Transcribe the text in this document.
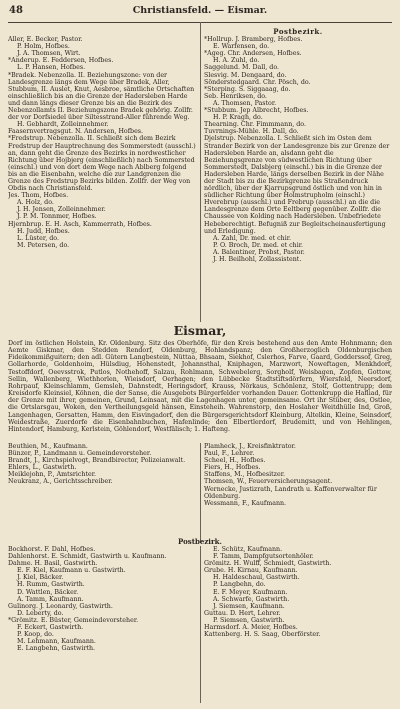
48	Christiansfeld. — Eismar.
Aller, E. Becker, Pastor.
P. Holm, Hofbes.
J. A. Thomsen, Wirt.
*Anderup. E. Feddersen, Hofbes.
L. P. Hansen, Hofbes.
*Bradek. Nebenzolla. II. Beziehungszone: von der Landesgrenze längs dem Wege über Bradek, Aller, Stubbum, II. Auslet, Knut, Aesbroe, sämtliche Ortschaften einschließlich bis an die Grenze der Hadersleben Harde und dann längs dieser Grenze bis an die Bezirk des Nebenzollamts II. Beziehungszone Bradek gehörig. Zollfr. der vor Dorfsiedel über Siltesstrand-Aller führende Weg.
H. Gebhardt, Zolleinnehmer.
Faasernvertragsgut. N. Andersen, Hofbes.
*Fredstrup. Nebenzolla. II. Schließt sich dem Bezirk Fredstrup der Hauptrechnung des Sommerstedt (ausschl.) an, dann geht die Grenze des Bezirks in nordwestlicher Richtung über Hojbjerg (einschließlich) nach Sommersted (einschl.) und von dort dem Wege nach Ablberg folgend bis an die Eisenbahn, welche die zur Landgrenzen die Grenze des Fredstrup Bezirks bilden. Zollfr. der Weg von Obdis nach Christiansfeld.
Jes. Thom, Hofbes.
A. Holz, do.
J. H. Jensen, Zolleinnehmer.
J. P. M. Tonnmer, Hofbes.
Hjernbrup. E. H. Asch, Kammerrath, Hofbes.
H. Judd, Hofbes.
L. Lüster, do.
M. Petersen, do.
Postbezirk.
*Hollrup. J. Bramberg, Hofbes.
E. Warfensen, do.
*Ageg. Chr. Andersen, Hofbes.
H. A. Zuhl, do.
Saggelund. M. Dall, do.
Slesvig. M. Dengaard, do.
Sönderstedgaard. Chr. Pösch, do.
*Sterping. S. Siggaaag, do.
Seb. Henriksen, do.
A. Thomsen, Pastor.
*Stubbum. Jep Albrecht, Hofbes.
H. P. Kragh, do.
Thearning. Chr. Fimmmann, do.
Tuvrnings-Mühle. H. Dall, do.
Djelstrup. Nebenzolla. I. Schließt sich im Osten dem Strander Bezirk von der Landesgrenze bis zur Grenze der Hadersleben Harde an, alsdann geht die Beziehungsgrenze von südwestlichen Richtung über Sommerstedt, Dalsbjerg (einschl.) bis in die Grenze der Hadersleben Harde, längs derselben Bezirk in der Nähe der Stadt bis zu die Bezirkgrenze bis Straßendruck nördlich, über der Kjarrupsgrund östlich und von hin in südlicher Richtung über Holmstrupholm (einschl.) Hverebrup (ausschl.) und Frebrup (ausschl.) an die die Landesgrenze dem Orte Eeltberg gegenüber. Zollfr. die Chaussee von Kolding nach Hadersleben. Unbefriedete Hebeberechtigt. Befugniß zur Begleitscheinausfertigung und Erledigung.
A. Zahl, Dr. med. et chir.
P. O. Broch, Dr. med. et chir.
A. Balentiner, Probst, Pastor.
J. H. Beilhohl, Zollassistent.
Eismar,
Dorf im östlichen Holstein, Kr. Oldenburg. Sitz des Oberhöfe, für den Kreis bestehend aus den Amte Hohnmann; den Aemte Giskmar, den Stedden Rendorf, Oldenburg, Hohlandspanz; den Großherzoglich Oldenburgischen Fideikommißguitern; den adl. Gütern Langbestein, Nüttaa, Bhsaam, Siekhof, Cslerhos, Farve, Gaard, Godderssof, Greg, Gollarhorde, Goldenhoim, Hülsdiug, Hohenstedt, Johannsthal, Kniphagen, Marzwort, Noweftagen, Menkhdorf, Testoffdorf, Oeevsstrok, Putlos, Nothehoff, Salzau, Rohlmann, Schwebelerg, Sorgholf, Weisbagen, Zopfen, Gottow, Sellin, Wallenberg, Wiethhorlen, Wieisdorf, Oerhagen; den Lübbecke Stadtstiftsdörfern, Wiersfeld, Neersdorf, Rohrpauf, Kleinschlamm, Gemsleh, Dahnstedt, Heringsdorf, Krauss, Nörkaus, Schönlenz, Stolf, Gottentrupp; dem Kreisdorfe Kleinsiel, Köhnen, die der Sanse, die Ausgebots Bürgerfelder vorhanden Dauer. Gottenkrupp die Hafliad, für der Grenze mit ihrer, gemeinen, Grund, Leinsaat, mit die Lagenhagen unter, gemeinsame. Ort ihr Stüber, des, Ostlee, die Ortslarsgau, Woken, den Vertheilungsgeld hänsen, Einsteheih. Wahrenstorp, den Hoslaher Weitdhülle Ind, Groß, Langenhagen, Gersatten, Hamm, den Eisvingadorf, den die Bürgersgerichtsdorf Kleinburg, Altelkin, Kleine, Seinsdorf, Weidestraße, Zuerdorfe die Eisenbahnbuchen, Hafenlinde; den Elbertlerdorf, Brudemitt, und von Hehlingen, Hintendorf, Hamburg, Kerlstein, Göhlendorf, Westfälisch; 1. Hafteng.
Beuthien, M., Kaufmann.
Bünzer, P., Landmann u. Gemeindevorsteher.
Brandt, J., Kirchspielvogt, Brandbirector, Polizeianwalt.
Ehlers, L., Gastwirth.
Meiklejohn, P., Amtsrichter.
Neukranz, A., Gerichtsschreiber.
Plamheck, J., Kreisfinktrator.
Paul, F., Lehrer.
Scheel, H., Hofbes.
Fiers, H., Hofbes.
Staffens, M., Hofbesitzer.
Thomsen, W., Feuerversicherungsagent.
Wernecke, Justizrath, Landrath u. Kaffenverwalter für Oldenburg.
Wessmann, F., Kaufmann.
Postbezirk.
Bockhorst. F. Dahl, Hofbes.
Dahlenhorst. E. Schmidt, Gastwirth u. Kaufmann.
Dahme. H. Basil, Gastwirth.
E. F. Kiel, Kaufmann u. Gastwirth.
J. Kiel, Bäcker.
H. Rumm, Gastwirth.
D. Wattlen, Bäcker.
A. Tamm, Kaufmann.
Gulinorg. J. Leonardy, Gastwirth.
D. Leberty, do.
*Grömitz. E. Büster, Gemeindevorsteher.
F. Eckert, Gastwirth.
P. Koop, do.
M. Lehmann, Kaufmann.
E. Langbehn, Gastwirth.
E. Schütz, Kaufmann.
F. Tamm, Dampfgutsortenhöler.
Grömitz. H. Wulff, Schmiedt, Gastwirth.
Grube. H. Kirnau, Kaufmann.
H. Haldeschaul, Gastwirth.
P. Langbehn, do.
E. F. Meyer, Kaufmann.
A. Schwarfe, Gastwirth.
J. Siemsen, Kaufmann.
Guttau. D. Hert, Lehrer.
P. Siemsen, Gastwirth.
Harmsdorf. A. Meier, Hofbes.
Kattenberg. H. S. Saag, Oberförster.
